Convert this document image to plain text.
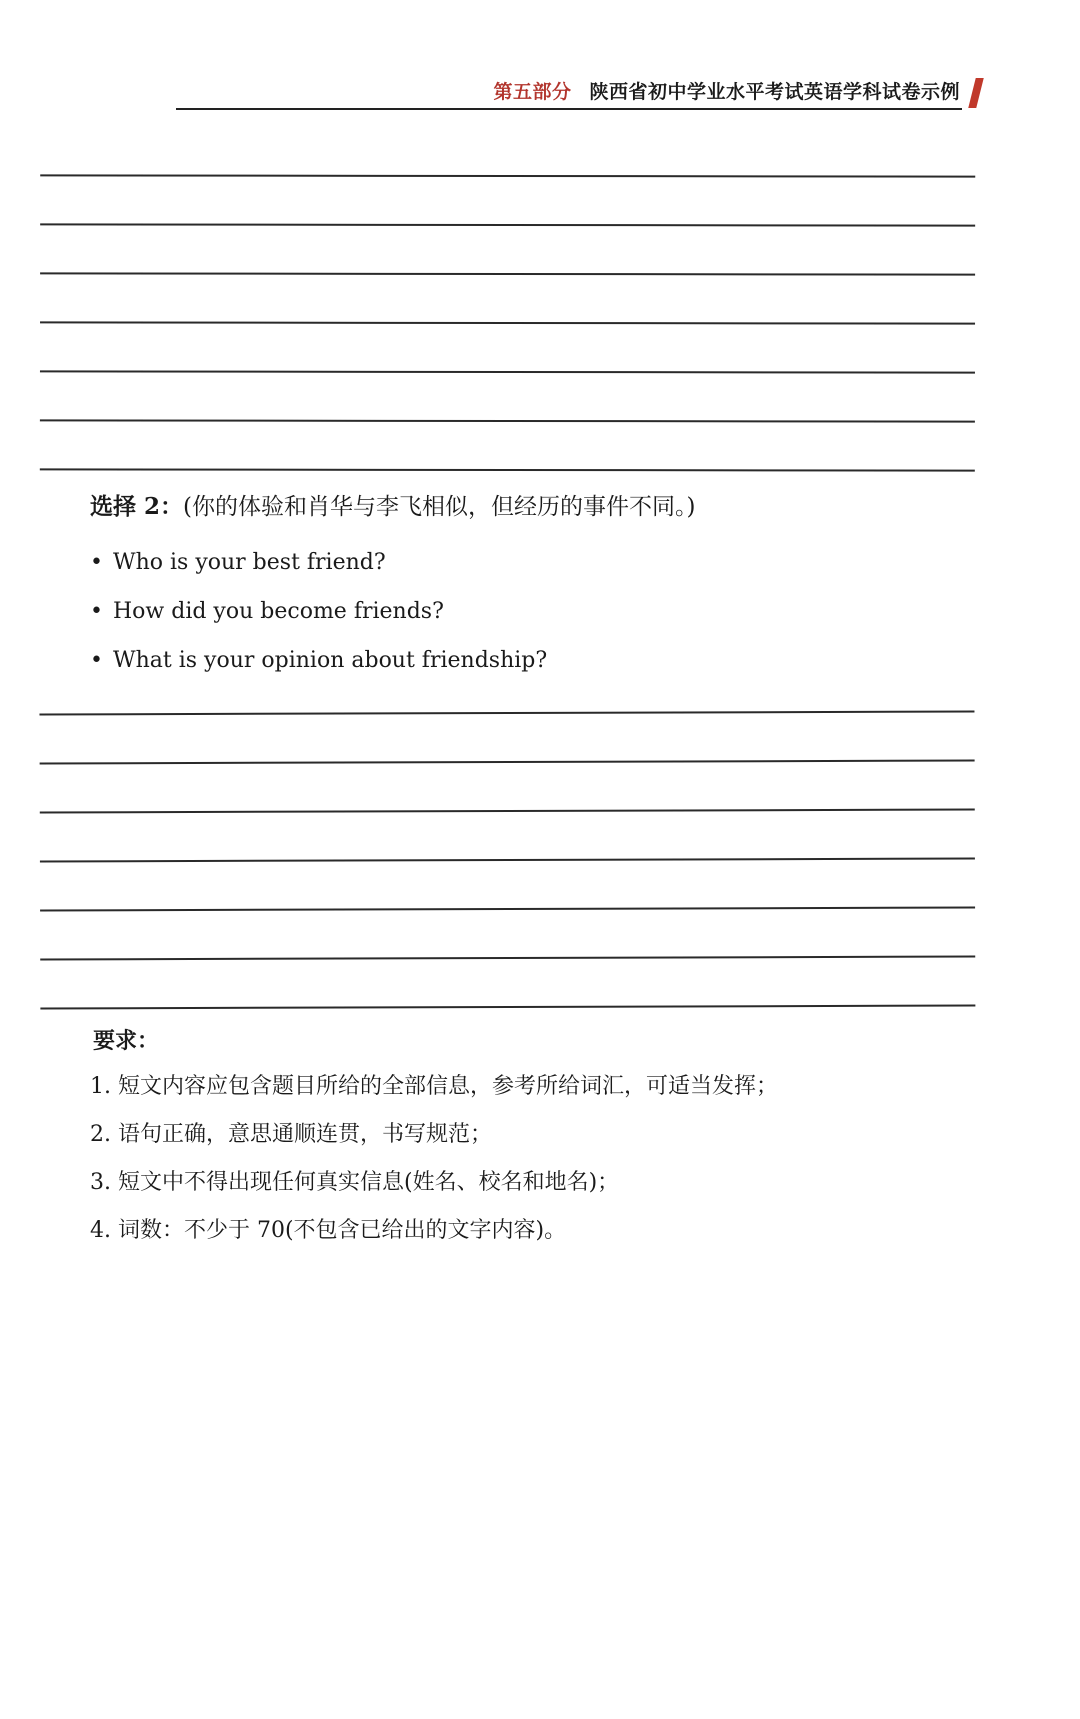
第五部分 陕西省初中学业水平考试英语学科试卷示例
选择 2：(你的体验和肖华与李飞相似，但经历的事件不同。)
• Who is your best friend?
• How did you become friends?
• What is your opinion about friendship?
要求：
1. 短文内容应包含题目所给的全部信息，参考所给词汇，可适当发挥；
2. 语句正确，意思通顺连贯，书写规范；
3. 短文中不得出现任何真实信息(姓名、校名和地名)；
4. 词数：不少于 70(不包含已给出的文字内容)。
